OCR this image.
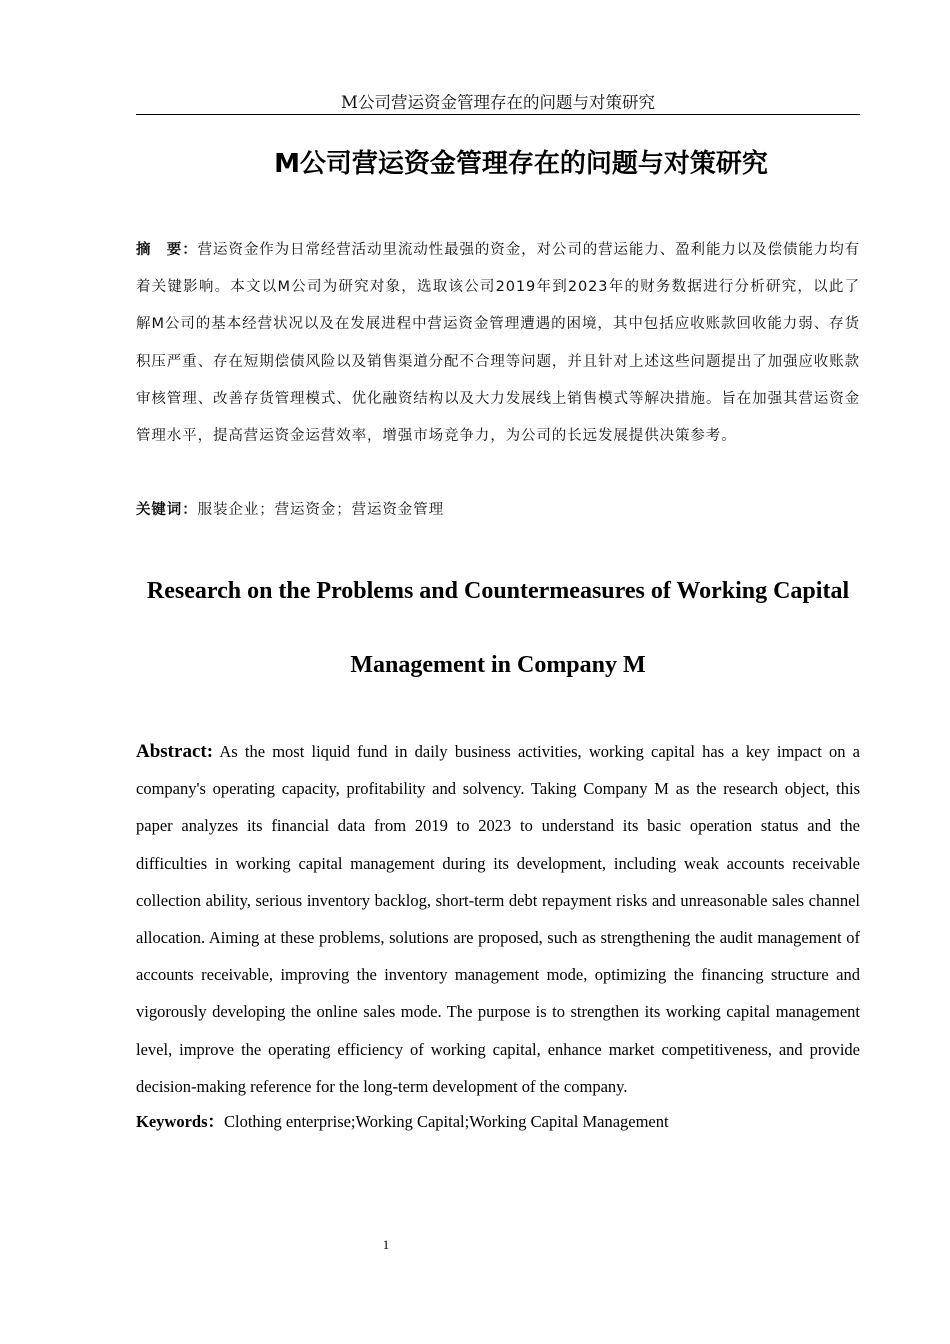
M公司营运资金管理存在的问题与对策研究
M公司营运资金管理存在的问题与对策研究
摘　要：营运资金作为日常经营活动里流动性最强的资金，对公司的营运能力、盈利能力以及偿债能力均有着关键影响。本文以M公司为研究对象，选取该公司2019年到2023年的财务数据进行分析研究，以此了解M公司的基本经营状况以及在发展进程中营运资金管理遭遇的困境，其中包括应收账款回收能力弱、存货积压严重、存在短期偿债风险以及销售渠道分配不合理等问题，并且针对上述这些问题提出了加强应收账款审核管理、改善存货管理模式、优化融资结构以及大力发展线上销售模式等解决措施。旨在加强其营运资金管理水平，提高营运资金运营效率，增强市场竞争力，为公司的长远发展提供决策参考。
关键词：服装企业；营运资金；营运资金管理
Research on the Problems and Countermeasures of Working Capital Management in Company M
Abstract: As the most liquid fund in daily business activities, working capital has a key impact on a company's operating capacity, profitability and solvency. Taking Company M as the research object, this paper analyzes its financial data from 2019 to 2023 to understand its basic operation status and the difficulties in working capital management during its development, including weak accounts receivable collection ability, serious inventory backlog, short-term debt repayment risks and unreasonable sales channel allocation. Aiming at these problems, solutions are proposed, such as strengthening the audit management of accounts receivable, improving the inventory management mode, optimizing the financing structure and vigorously developing the online sales mode. The purpose is to strengthen its working capital management level, improve the operating efficiency of working capital, enhance market competitiveness, and provide decision-making reference for the long-term development of the company.
Keywords：Clothing enterprise;Working Capital;Working Capital Management
1
